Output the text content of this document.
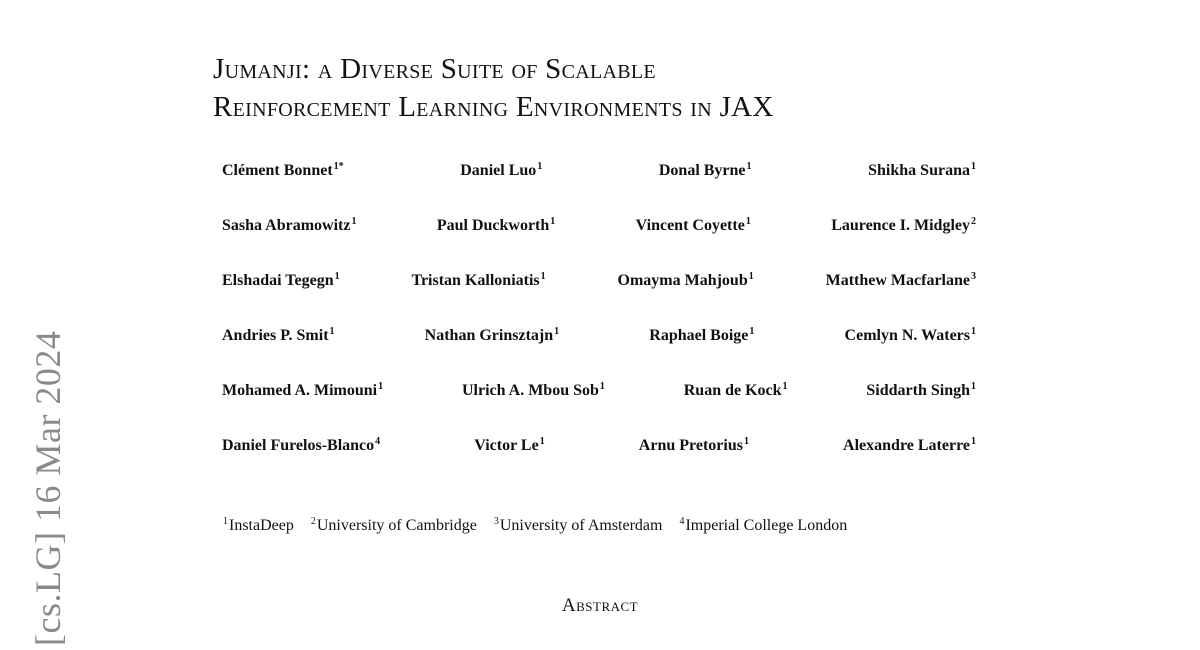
[cs.LG] 16 Mar 2024
Jumanji: a Diverse Suite of Scalable
Reinforcement Learning Environments in JAX
Clément Bonnet$^{1*}$	Daniel Luo$^1$	Donal Byrne$^1$	Shikha Surana$^1$
Sasha Abramowitz$^1$	Paul Duckworth$^1$	Vincent Coyette$^1$	Laurence I. Midgley$^2$
Elshadai Tegegn$^1$	Tristan Kalloniatis$^1$	Omayma Mahjoub$^1$	Matthew Macfarlane$^3$
Andries P. Smit$^1$	Nathan Grinsztajn$^1$	Raphael Boige$^1$	Cemlyn N. Waters$^1$
Mohamed A. Mimouni$^1$	Ulrich A. Mbou Sob$^1$	Ruan de Kock$^1$	Siddarth Singh$^1$
Daniel Furelos-Blanco$^4$	Victor Le$^1$	Arnu Pretorius$^1$	Alexandre Laterre$^1$
$^1$InstaDeep $^2$University of Cambridge $^3$University of Amsterdam $^4$Imperial College London
Abstract
